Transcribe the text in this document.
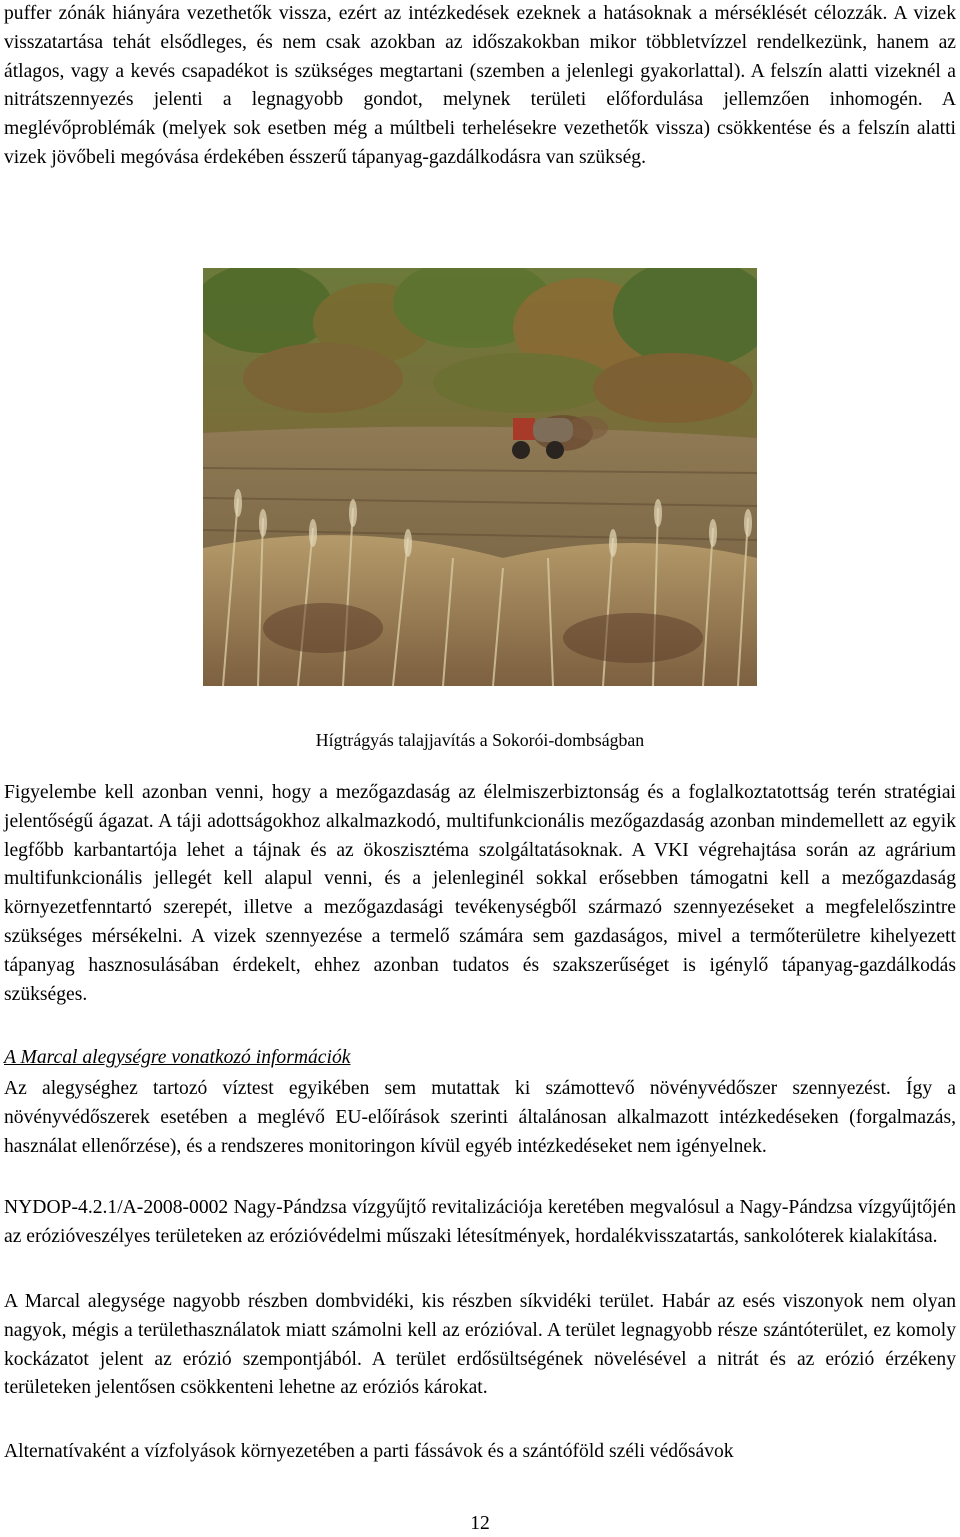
puffer zónák hiányára vezethetők vissza, ezért az intézkedések ezeknek a hatásoknak a mérséklését célozzák. A vizek visszatartása tehát elsődleges, és nem csak azokban az időszakokban mikor többletvízzel rendelkezünk, hanem az átlagos, vagy a kevés csapadékot is szükséges megtartani (szemben a jelenlegi gyakorlattal). A felszín alatti vizeknél a nitrátszennyezés jelenti a legnagyobb gondot, melynek területi előfordulása jellemzően inhomogén. A meglévőproblémák (melyek sok esetben még a múltbeli terhelésekre vezethetők vissza) csökkentése és a felszín alatti vizek jövőbeli megóvása érdekében ésszerű tápanyag-gazdálkodásra van szükség.

Hígtrágyás talajjavítás a Sokorói-dombságban

Figyelembe kell azonban venni, hogy a mezőgazdaság az élelmiszerbiztonság és a foglalkoztatottság terén stratégiai jelentőségű ágazat. A táji adottságokhoz alkalmazkodó, multifunkcionális mezőgazdaság azonban mindemellett az egyik legfőbb karbantartója lehet a tájnak és az ökoszisztéma szolgáltatásoknak. A VKI végrehajtása során az agrárium multifunkcionális jellegét kell alapul venni, és a jelenleginél sokkal erősebben támogatni kell a mezőgazdaság környezetfenntartó szerepét, illetve a mezőgazdasági tevékenységből származó szennyezéseket a megfelelőszintre szükséges mérsékelni. A vizek szennyezése a termelő számára sem gazdaságos, mivel a termőterületre kihelyezett tápanyag hasznosulásában érdekelt, ehhez azonban tudatos és szakszerűséget is igénylő tápanyag-gazdálkodás szükséges.

A Marcal alegységre vonatkozó információk

Az alegységhez tartozó víztest egyikében sem mutattak ki számottevő növényvédőszer szennyezést. Így a növényvédőszerek esetében a meglévő EU-előírások szerinti általánosan alkalmazott intézkedéseken (forgalmazás, használat ellenőrzése), és a rendszeres monitoringon kívül egyéb intézkedéseket nem igényelnek.

NYDOP-4.2.1/A-2008-0002 Nagy-Pándzsa vízgyűjtő revitalizációja keretében megvalósul a Nagy-Pándzsa vízgyűjtőjén az erózióveszélyes területeken az erózióvédelmi műszaki létesítmények, hordalékvisszatartás, sankolóterek kialakítása.

A Marcal alegysége nagyobb részben dombvidéki, kis részben síkvidéki terület. Habár az esés viszonyok nem olyan nagyok, mégis a területhasználatok miatt számolni kell az erózióval. A terület legnagyobb része szántóterület, ez komoly kockázatot jelent az erózió szempontjából. A terület erdősültségének növelésével a nitrát és az erózió érzékeny területeken jelentősen csökkenteni lehetne az eróziós károkat.

Alternatívaként a vízfolyások környezetében a parti fássávok és a szántóföld széli védősávok

12
